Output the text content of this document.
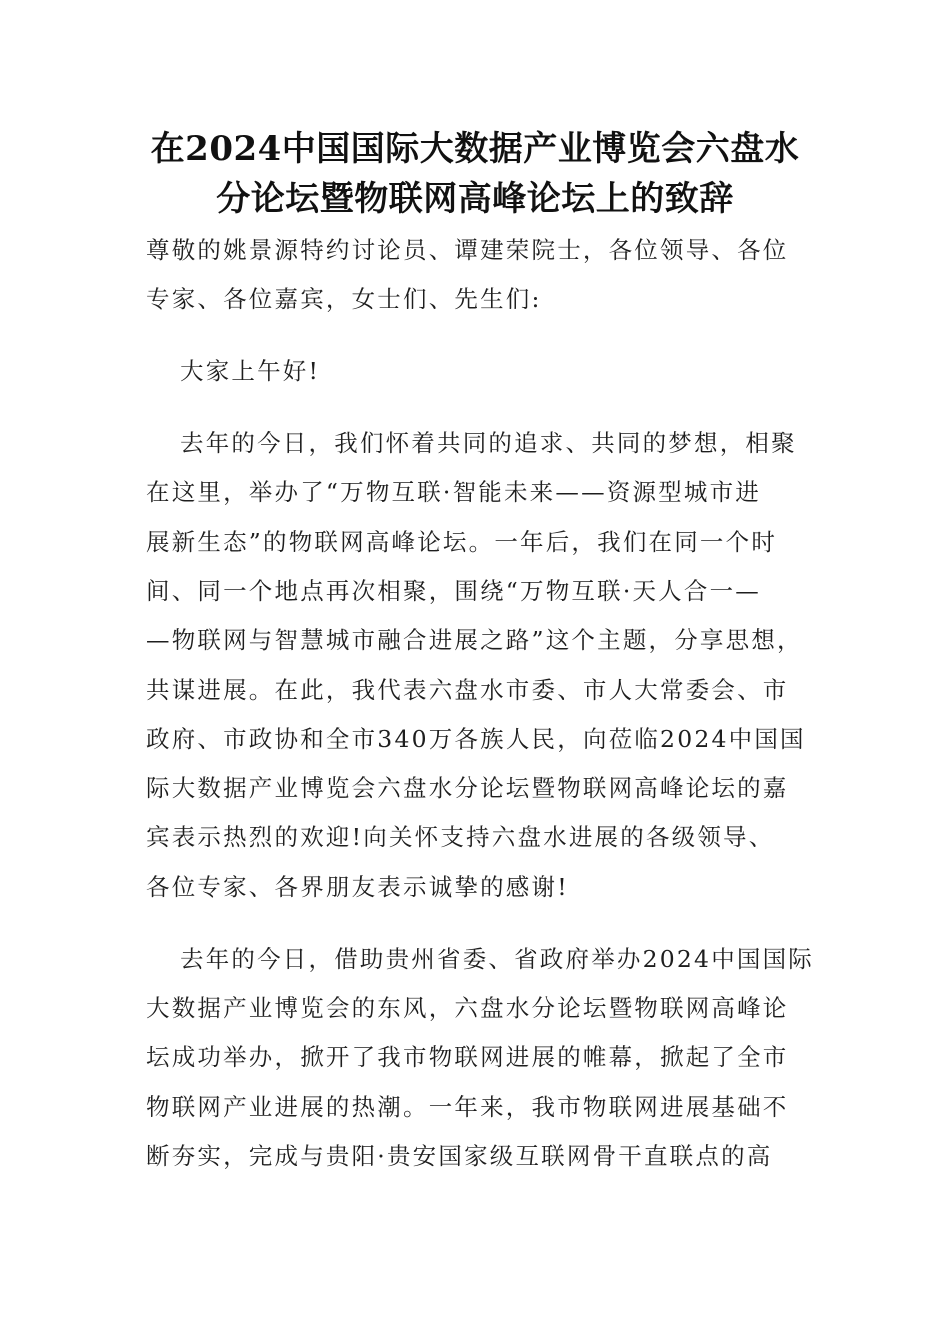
在2024中国国际大数据产业博览会六盘水
分论坛暨物联网高峰论坛上的致辞

尊敬的姚景源特约讨论员、谭建荣院士，各位领导、各位
专家、各位嘉宾，女士们、先生们:

大家上午好!

去年的今日，我们怀着共同的追求、共同的梦想，相聚
在这里，举办了“万物互联·智能未来——资源型城市进
展新生态”的物联网高峰论坛。一年后，我们在同一个时
间、同一个地点再次相聚，围绕“万物互联·天人合一—
—物联网与智慧城市融合进展之路”这个主题，分享思想，
共谋进展。在此，我代表六盘水市委、市人大常委会、市
政府、市政协和全市340万各族人民，向莅临2024中国国
际大数据产业博览会六盘水分论坛暨物联网高峰论坛的嘉
宾表示热烈的欢迎!向关怀支持六盘水进展的各级领导、
各位专家、各界朋友表示诚挚的感谢!

去年的今日，借助贵州省委、省政府举办2024中国国际
大数据产业博览会的东风，六盘水分论坛暨物联网高峰论
坛成功举办，掀开了我市物联网进展的帷幕，掀起了全市
物联网产业进展的热潮。一年来，我市物联网进展基础不
断夯实，完成与贵阳·贵安国家级互联网骨干直联点的高
